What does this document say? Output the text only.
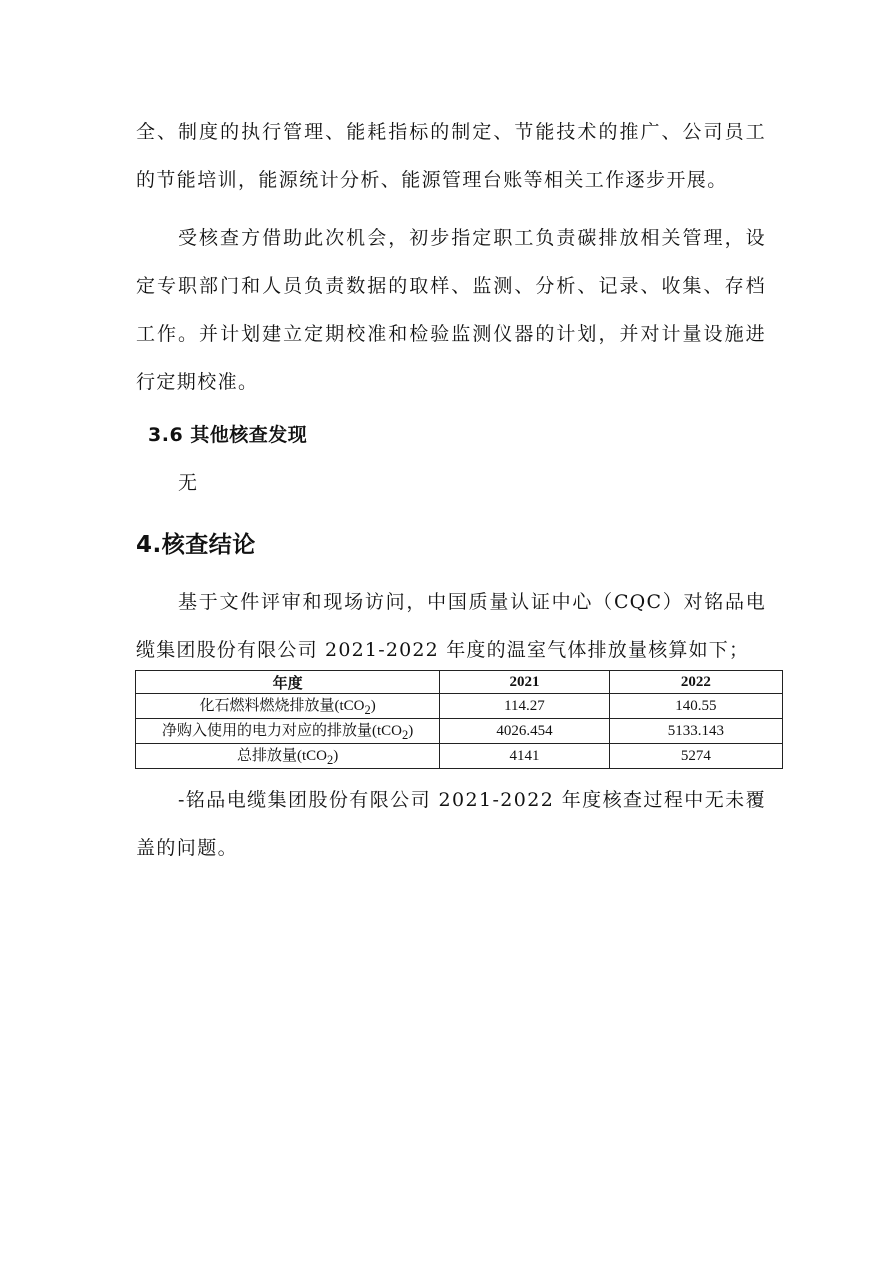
全、制度的执行管理、能耗指标的制定、节能技术的推广、公司员工的节能培训，能源统计分析、能源管理台账等相关工作逐步开展。

受核查方借助此次机会，初步指定职工负责碳排放相关管理，设定专职部门和人员负责数据的取样、监测、分析、记录、收集、存档工作。并计划建立定期校准和检验监测仪器的计划，并对计量设施进行定期校准。

3.6 其他核查发现

无

4.核查结论

基于文件评审和现场访问，中国质量认证中心（CQC）对铭品电缆集团股份有限公司 2021-2022 年度的温室气体排放量核算如下；

年度	2021	2022
化石燃料燃烧排放量(tCO$_2$)	114.27	140.55
净购入使用的电力对应的排放量(tCO$_2$)	4026.454	5133.143
总排放量(tCO$_2$)	4141	5274

-铭品电缆集团股份有限公司 2021-2022 年度核查过程中无未覆盖的问题。
